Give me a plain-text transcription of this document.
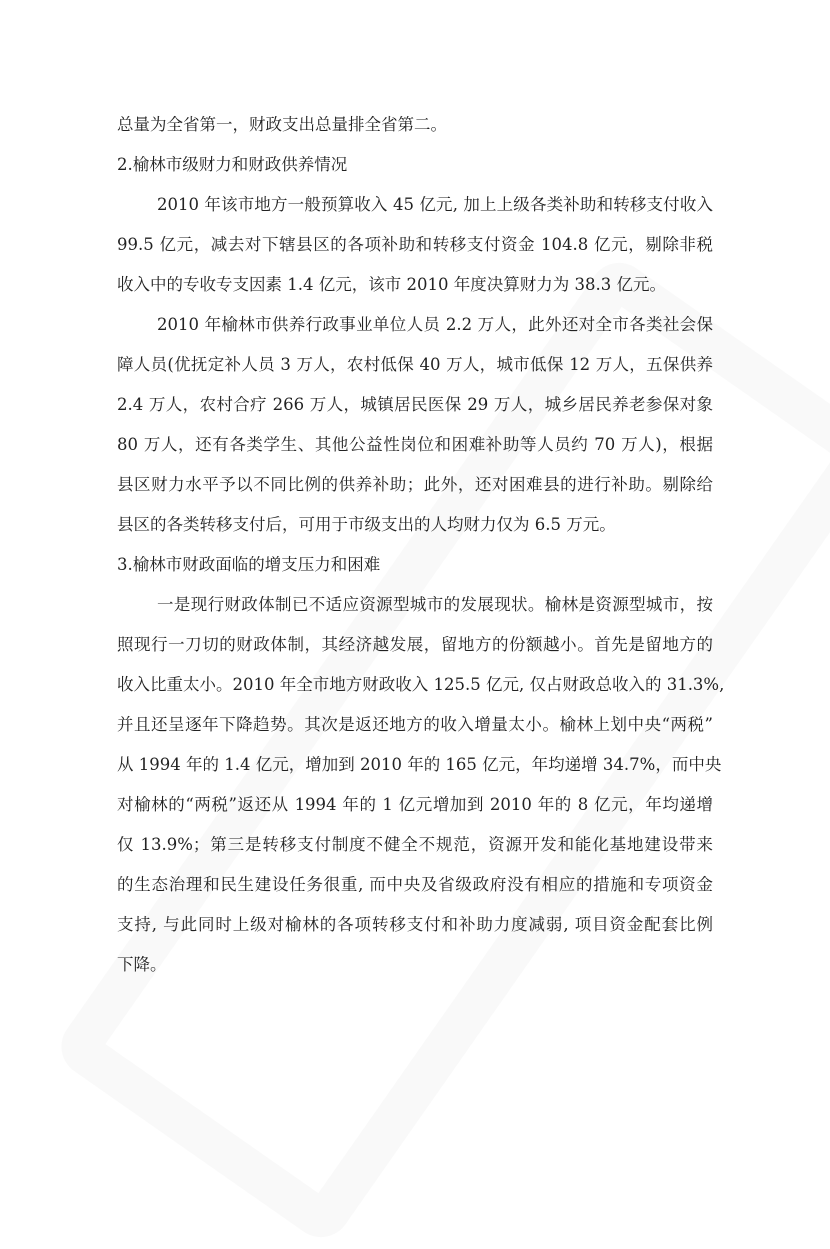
总量为全省第一，财政支出总量排全省第二。
2.榆林市级财力和财政供养情况
2010 年该市地方一般预算收入 45 亿元, 加上上级各类补助和转移支付收入
99.5 亿元，减去对下辖县区的各项补助和转移支付资金 104.8 亿元，剔除非税
收入中的专收专支因素 1.4 亿元，该市 2010 年度决算财力为 38.3 亿元。
2010 年榆林市供养行政事业单位人员 2.2 万人，此外还对全市各类社会保
障人员(优抚定补人员 3 万人，农村低保 40 万人，城市低保 12 万人，五保供养
2.4 万人，农村合疗 266 万人，城镇居民医保 29 万人，城乡居民养老参保对象
80 万人，还有各类学生、其他公益性岗位和困难补助等人员约 70 万人)，根据
县区财力水平予以不同比例的供养补助；此外，还对困难县的进行补助。剔除给
县区的各类转移支付后，可用于市级支出的人均财力仅为 6.5 万元。
3.榆林市财政面临的增支压力和困难
一是现行财政体制已不适应资源型城市的发展现状。榆林是资源型城市，按
照现行一刀切的财政体制，其经济越发展，留地方的份额越小。首先是留地方的
收入比重太小。2010 年全市地方财政收入 125.5 亿元, 仅占财政总收入的 31.3%,
并且还呈逐年下降趋势。其次是返还地方的收入增量太小。榆林上划中央“两税”
从 1994 年的 1.4 亿元，增加到 2010 年的 165 亿元，年均递增 34.7%，而中央
对榆林的“两税”返还从 1994 年的 1 亿元增加到 2010 年的 8 亿元，年均递增
仅 13.9%；第三是转移支付制度不健全不规范，资源开发和能化基地建设带来
的生态治理和民生建设任务很重, 而中央及省级政府没有相应的措施和专项资金
支持, 与此同时上级对榆林的各项转移支付和补助力度减弱, 项目资金配套比例
下降。
